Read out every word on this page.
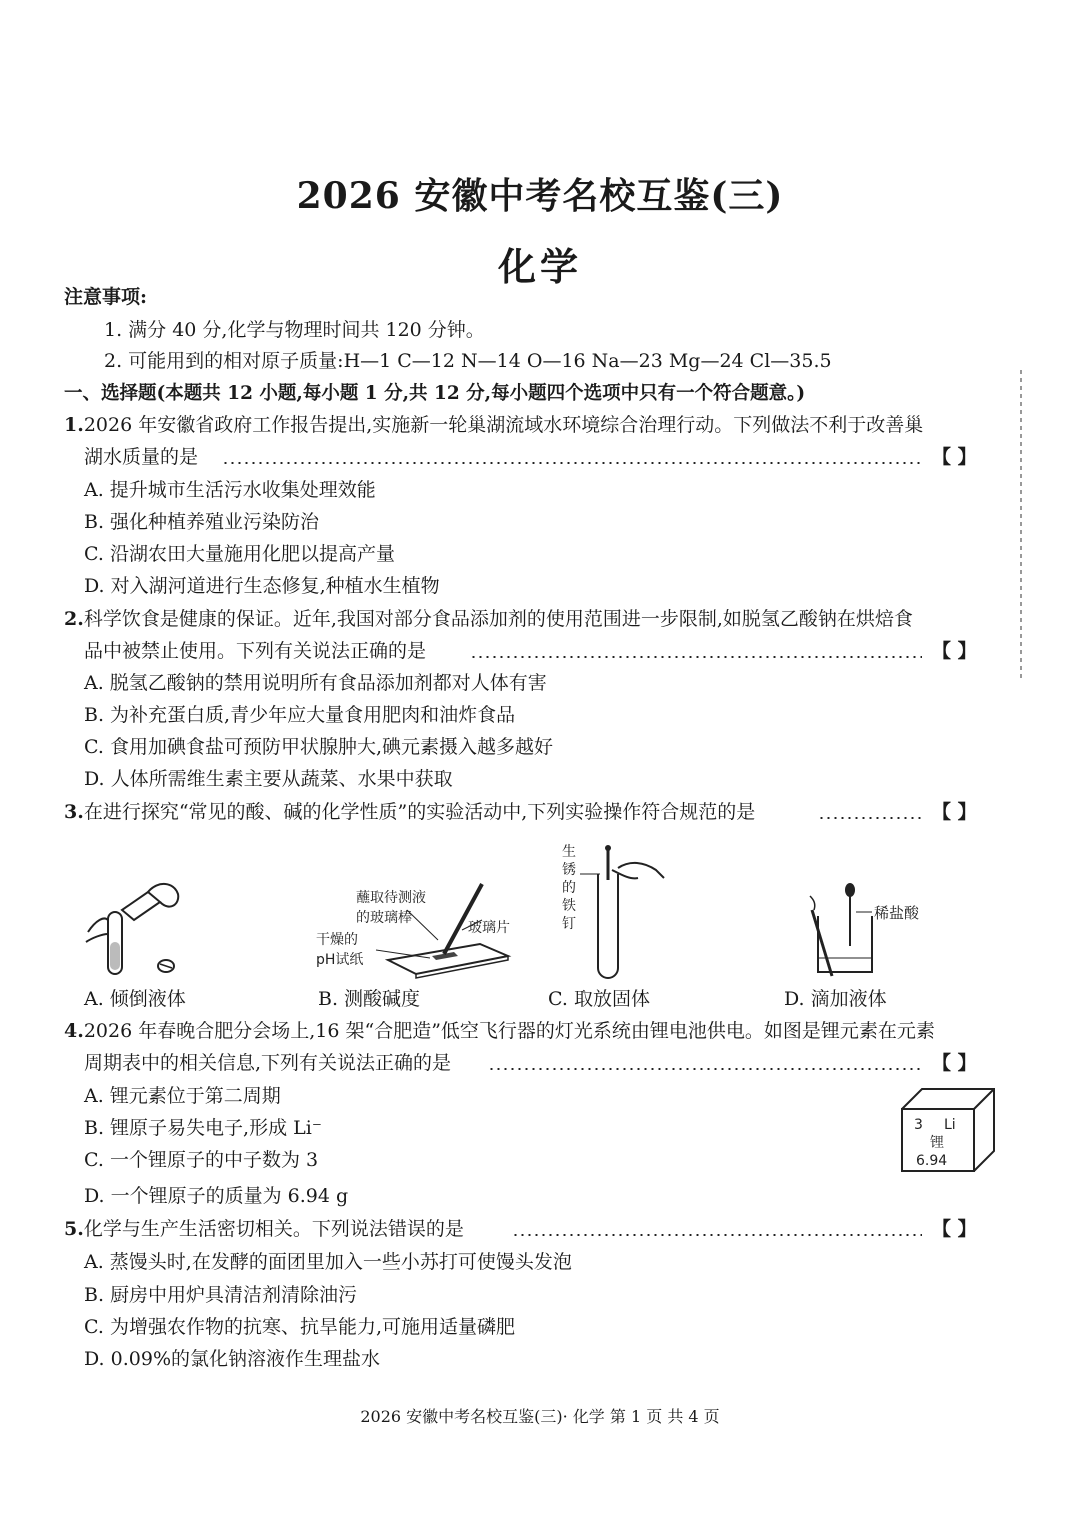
2026 安徽中考名校互鉴(三)
化学
注意事项:
1. 满分 40 分,化学与物理时间共 120 分钟。
2. 可能用到的相对原子质量:H—1 C—12 N—14 O—16 Na—23 Mg—24 Cl—35.5
一、选择题(本题共 12 小题,每小题 1 分,共 12 分,每小题四个选项中只有一个符合题意。)
1.2026 年安徽省政府工作报告提出,实施新一轮巢湖流域水环境综合治理行动。下列做法不利于改善巢
湖水质量的是	【 】
A. 提升城市生活污水收集处理效能
B. 强化种植养殖业污染防治
C. 沿湖农田大量施用化肥以提高产量
D. 对入湖河道进行生态修复,种植水生植物
2.科学饮食是健康的保证。近年,我国对部分食品添加剂的使用范围进一步限制,如脱氢乙酸钠在烘焙食
品中被禁止使用。下列有关说法正确的是	【 】
A. 脱氢乙酸钠的禁用说明所有食品添加剂都对人体有害
B. 为补充蛋白质,青少年应大量食用肥肉和油炸食品
C. 食用加碘食盐可预防甲状腺肿大,碘元素摄入越多越好
D. 人体所需维生素主要从蔬菜、水果中获取
3.在进行探究“常见的酸、碱的化学性质”的实验活动中,下列实验操作符合规范的是	【 】
蘸取待测液
的玻璃棒
玻璃片
干燥的
pH试纸
生 锈 的 铁 钉
生锈的铁钉
稀盐酸
A. 倾倒液体	B. 测酸碱度	C. 取放固体	D. 滴加液体
4.2026 年春晚合肥分会场上,16 架“合肥造”低空飞行器的灯光系统由锂电池供电。如图是锂元素在元素
周期表中的相关信息,下列有关说法正确的是	【 】
A. 锂元素位于第二周期
B. 锂原子易失电子,形成 Li⁻
C. 一个锂原子的中子数为 3
D. 一个锂原子的质量为 6.94 g
3 Li
锂
6.94
5.化学与生产生活密切相关。下列说法错误的是	【 】
A. 蒸馒头时,在发酵的面团里加入一些小苏打可使馒头发泡
B. 厨房中用炉具清洁剂清除油污
C. 为增强农作物的抗寒、抗旱能力,可施用适量磷肥
D. 0.09%的氯化钠溶液作生理盐水
2026 安徽中考名校互鉴(三)· 化学 第 1 页 共 4 页
